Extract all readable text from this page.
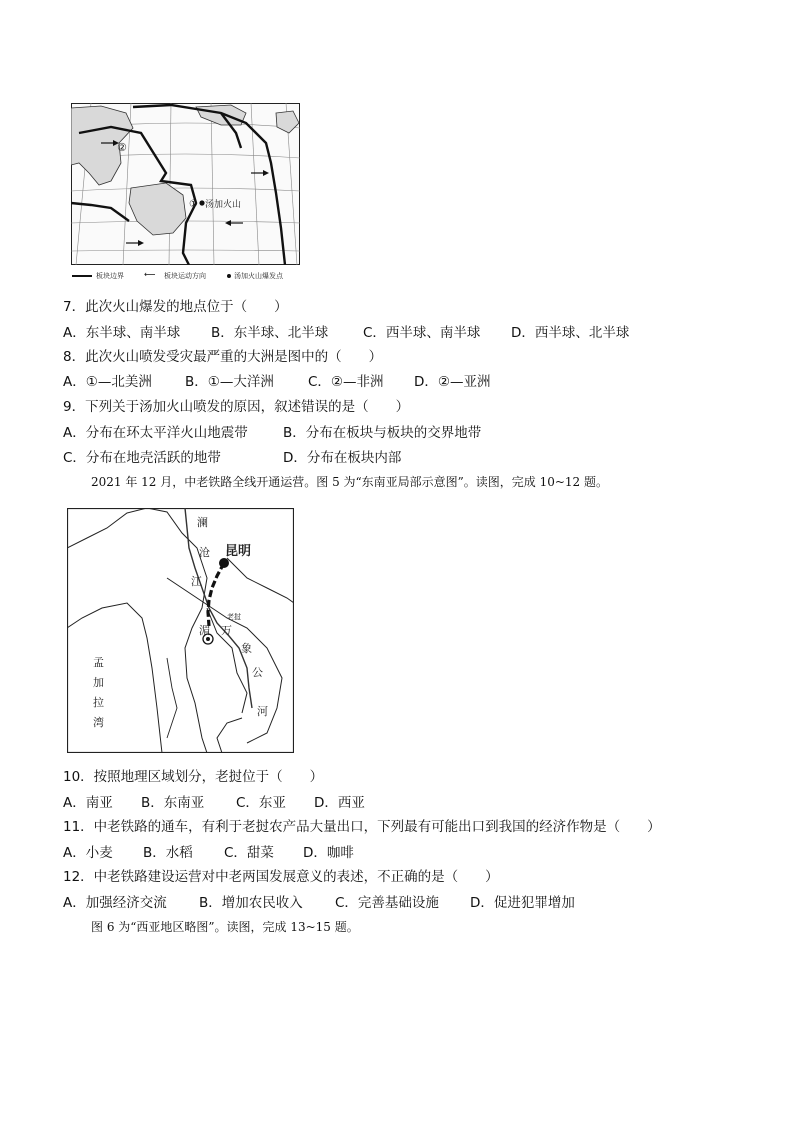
汤加火山
①
②
板块边界	⟵ 板块运动方向	汤加火山爆发点
7．此次火山爆发的地点位于（　　）
A．东半球、南半球 B．东半球、北半球	C．西半球、南半球 D．西半球、北半球
8．此次火山喷发受灾最严重的大洲是图中的（　　）
A．①—北美洲 B．①—大洋洲	C．②—非洲 D．②—亚洲
9．下列关于汤加火山喷发的原因，叙述错误的是（　　）
A．分布在环太平洋火山地震带	B．分布在板块与板块的交界地带
C．分布在地壳活跃的地带	D．分布在板块内部
2021 年 12 月，中老铁路全线开通运营。图 5 为“东南亚局部示意图”。读图，完成 10~12 题。
澜
沧
江
昆明
老挝
湄 万
象
公
河
孟
加
拉
湾
10．按照地理区域划分，老挝位于（　　）
A．南亚 B．东南亚 C．东亚 D．西亚
11．中老铁路的通车，有利于老挝农产品大量出口，下列最有可能出口到我国的经济作物是（　　）
A．小麦 B．水稻 C．甜菜 D．咖啡
12．中老铁路建设运营对中老两国发展意义的表述，不正确的是（　　）
A．加强经济交流 B．增加农民收入 C．完善基础设施 D．促进犯罪增加
图 6 为“西亚地区略图”。读图，完成 13~15 题。
